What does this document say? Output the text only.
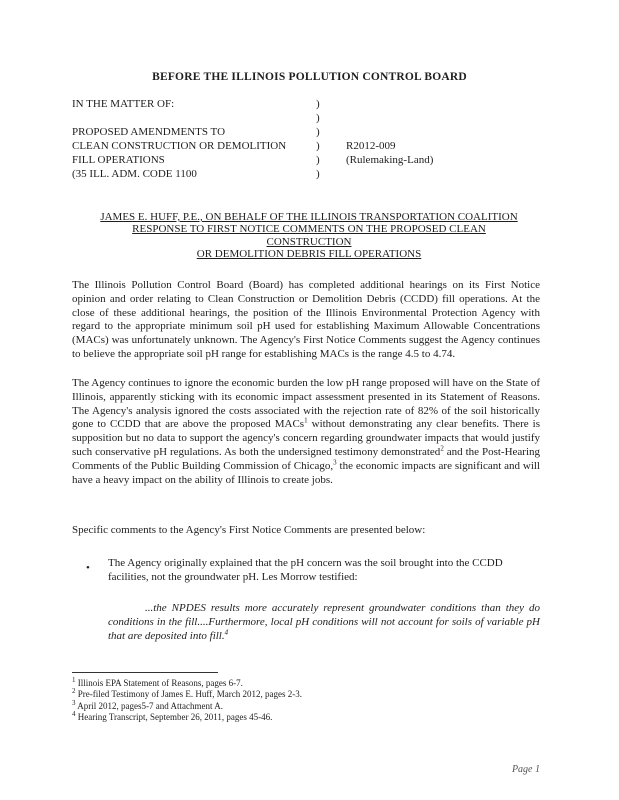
BEFORE THE ILLINOIS POLLUTION CONTROL BOARD
IN THE MATTER OF:	)
)
PROPOSED AMENDMENTS TO	)
CLEAN CONSTRUCTION OR DEMOLITION	) R2012-009
FILL OPERATIONS	) (Rulemaking-Land)
(35 ILL. ADM. CODE 1100	)
JAMES E. HUFF, P.E., ON BEHALF OF THE ILLINOIS TRANSPORTATION COALITION
RESPONSE TO FIRST NOTICE COMMENTS ON THE PROPOSED CLEAN
CONSTRUCTION
OR DEMOLITION DEBRIS FILL OPERATIONS

The Illinois Pollution Control Board (Board) has completed additional hearings on its First Notice opinion and order relating to Clean Construction or Demolition Debris (CCDD) fill operations. At the close of these additional hearings, the position of the Illinois Environmental Protection Agency with regard to the appropriate minimum soil pH used for establishing Maximum Allowable Concentrations (MACs) was unfortunately unknown. The Agency's First Notice Comments suggest the Agency continues to believe the appropriate soil pH range for establishing MACs is the range 4.5 to 4.74.

The Agency continues to ignore the economic burden the low pH range proposed will have on the State of Illinois, apparently sticking with its economic impact assessment presented in its Statement of Reasons. The Agency's analysis ignored the costs associated with the rejection rate of 82% of the soil historically gone to CCDD that are above the proposed MACs$^1$ without demonstrating any clear benefits. There is supposition but no data to support the agency's concern regarding groundwater impacts that would justify such conservative pH regulations. As both the undersigned testimony demonstrated$^2$ and the Post-Hearing Comments of the Public Building Commission of Chicago,$^3$ the economic impacts are significant and will have a heavy impact on the ability of Illinois to create jobs.

Specific comments to the Agency's First Notice Comments are presented below:

• The Agency originally explained that the pH concern was the soil brought into the CCDD facilities, not the groundwater pH. Les Morrow testified:

...the NPDES results more accurately represent groundwater conditions than they do conditions in the fill....Furthermore, local pH conditions will not account for soils of variable pH that are deposited into fill.$^4$

$^1$ Illinois EPA Statement of Reasons, pages 6-7.
$^2$ Pre-filed Testimony of James E. Huff, March 2012, pages 2-3.
$^3$ April 2012, pages5-7 and Attachment A.
$^4$ Hearing Transcript, September 26, 2011, pages 45-46.
Page 1
